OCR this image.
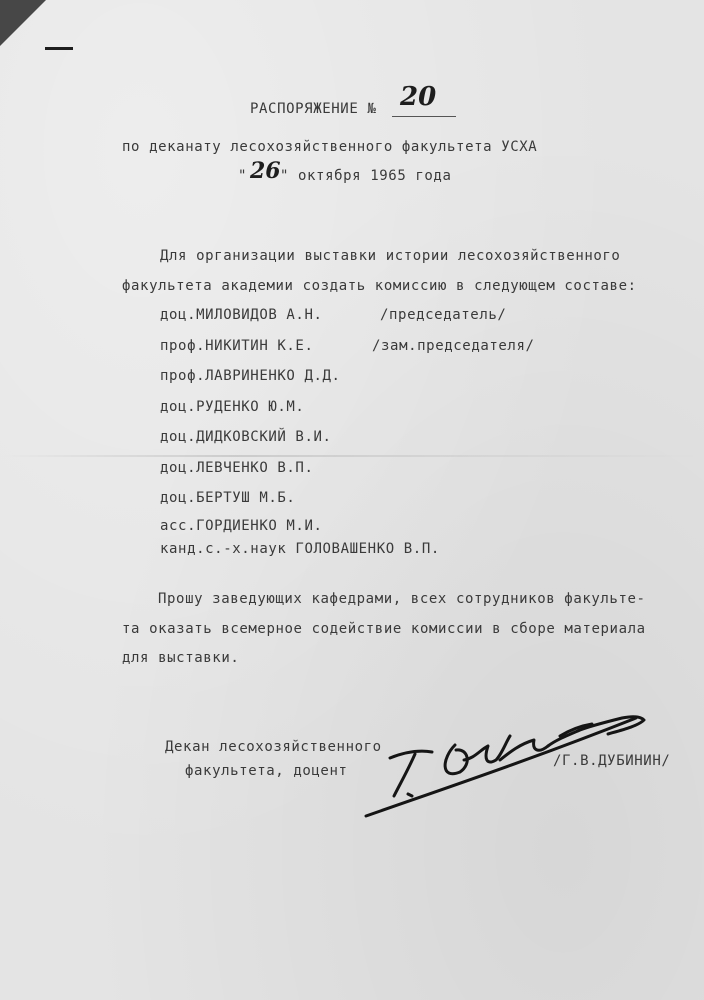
РАСПОРЯЖЕНИЕ № 20
по деканату лесохозяйственного факультета УСХА
" 26 " октября 1965 года
Для организации выставки истории лесохозяйственного
факультета академии создать комиссию в следующем составе:
доц.МИЛОВИДОВ А.Н.	/председатель/
проф.НИКИТИН К.Е.	/зам.председателя/
проф.ЛАВРИНЕНКО Д.Д.
доц.РУДЕНКО Ю.М.
доц.ДИДКОВСКИЙ В.И.
доц.ЛЕВЧЕНКО В.П.
доц.БЕРТУШ М.Б.
асс.ГОРДИЕНКО М.И.
канд.с.-х.наук ГОЛОВАШЕНКО В.П.
Прошу заведующих кафедрами, всех сотрудников факульте-
та оказать всемерное содействие комиссии в сборе материала
для выставки.
Декан лесохозяйственного
факультета, доцент
/Г.В.ДУБИНИН/
